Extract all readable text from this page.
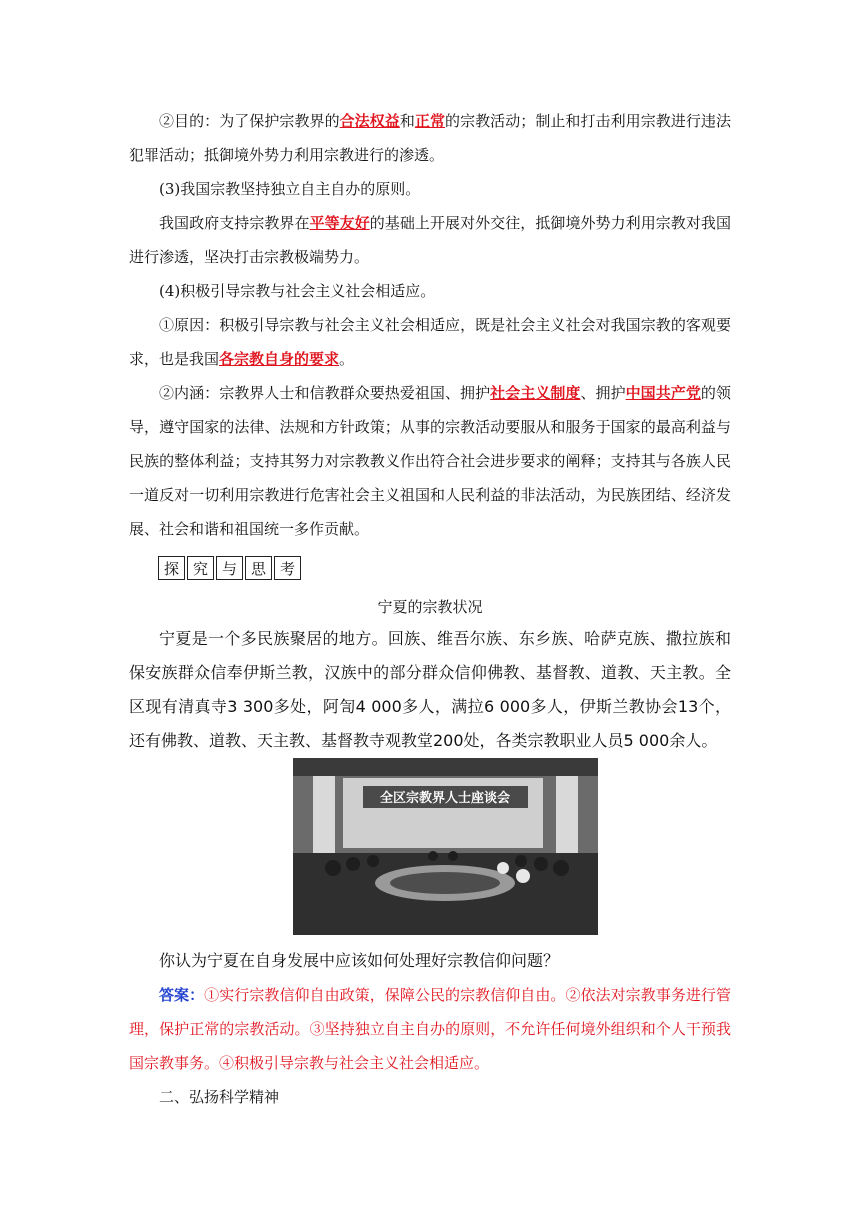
②目的：为了保护宗教界的合法权益和正常的宗教活动；制止和打击利用宗教进行违法犯罪活动；抵御境外势力利用宗教进行的渗透。

(3)我国宗教坚持独立自主自办的原则。

我国政府支持宗教界在平等友好的基础上开展对外交往，抵御境外势力利用宗教对我国进行渗透，坚决打击宗教极端势力。

(4)积极引导宗教与社会主义社会相适应。

①原因：积极引导宗教与社会主义社会相适应，既是社会主义社会对我国宗教的客观要求，也是我国各宗教自身的要求。

②内涵：宗教界人士和信教群众要热爱祖国、拥护社会主义制度、拥护中国共产党的领导，遵守国家的法律、法规和方针政策；从事的宗教活动要服从和服务于国家的最高利益与民族的整体利益；支持其努力对宗教教义作出符合社会进步要求的阐释；支持其与各族人民一道反对一切利用宗教进行危害社会主义祖国和人民利益的非法活动，为民族团结、经济发展、社会和谐和祖国统一多作贡献。

探 究 与 思 考

宁夏的宗教状况

宁夏是一个多民族聚居的地方。回族、维吾尔族、东乡族、哈萨克族、撒拉族和保安族群众信奉伊斯兰教，汉族中的部分群众信仰佛教、基督教、道教、天主教。全区现有清真寺3 300多处，阿訇4 000多人，满拉6 000多人，伊斯兰教协会13个，还有佛教、道教、天主教、基督教寺观教堂200处，各类宗教职业人员5 000余人。

全区宗教界人士座谈会

你认为宁夏在自身发展中应该如何处理好宗教信仰问题？

答案：①实行宗教信仰自由政策，保障公民的宗教信仰自由。②依法对宗教事务进行管理，保护正常的宗教活动。③坚持独立自主自办的原则，不允许任何境外组织和个人干预我国宗教事务。④积极引导宗教与社会主义社会相适应。

二、弘扬科学精神
